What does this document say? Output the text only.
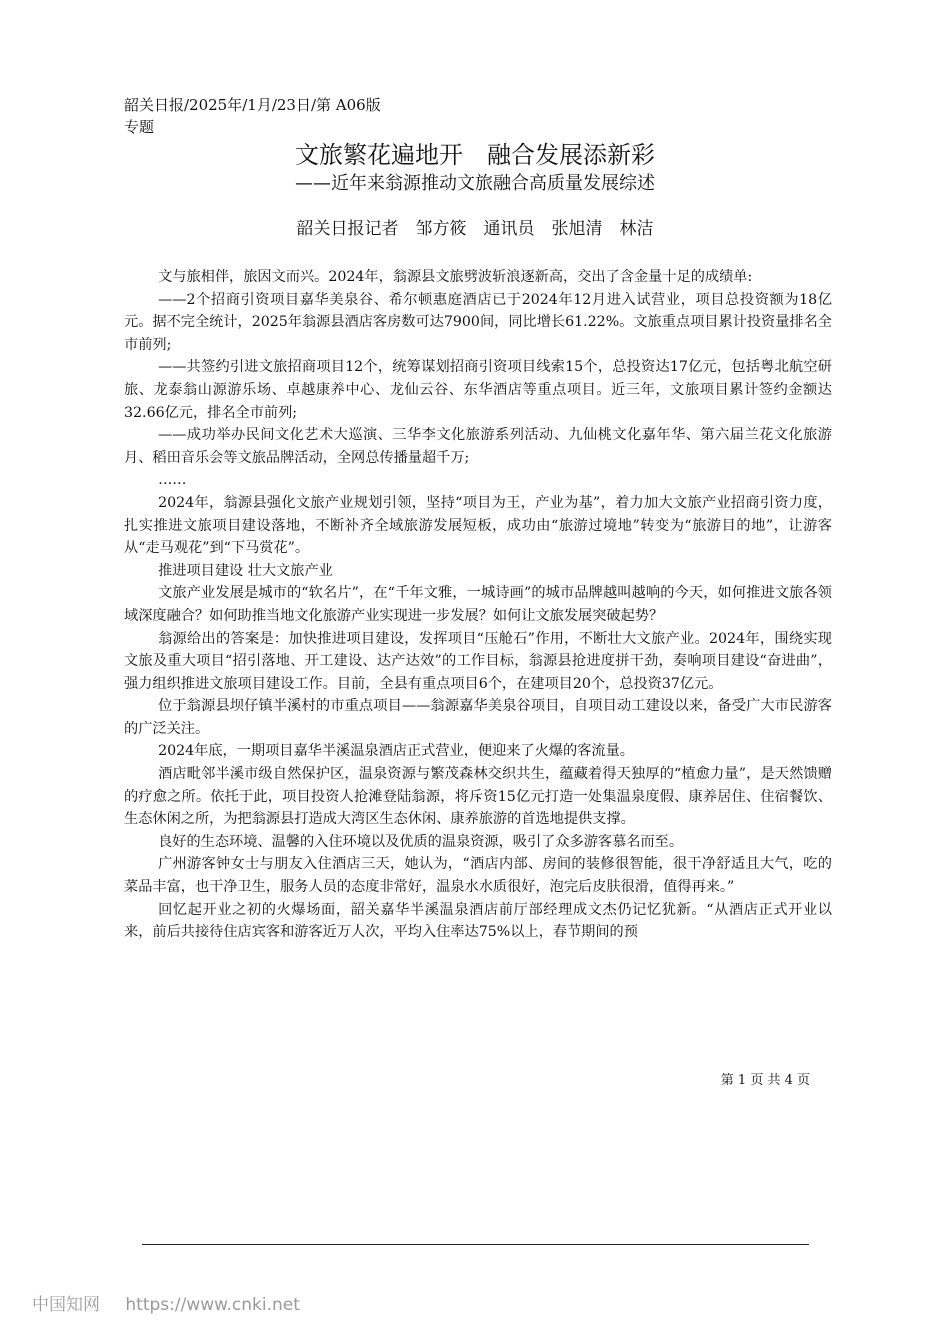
韶关日报/2025年/1月/23日/第 A06版专题
文旅繁花遍地开　融合发展添新彩
——近年来翁源推动文旅融合高质量发展综述
韶关日报记者　邹方筱　通讯员　张旭清　林洁

文与旅相伴，旅因文而兴。2024年，翁源县文旅劈波斩浪逐新高，交出了含金量十足的成绩单:

——2个招商引资项目嘉华美泉谷、希尔顿惠庭酒店已于2024年12月进入试营业，项目总投资额为18亿元。据不完全统计，2025年翁源县酒店客房数可达7900间，同比增长61.22%。文旅重点项目累计投资量排名全市前列;

——共签约引进文旅招商项目12个，统筹谋划招商引资项目线索15个，总投资达17亿元，包括粤北航空研旅、龙泰翁山源游乐场、卓越康养中心、龙仙云谷、东华酒店等重点项目。近三年，文旅项目累计签约金额达32.66亿元，排名全市前列;

——成功举办民间文化艺术大巡演、三华李文化旅游系列活动、九仙桃文化嘉年华、第六届兰花文化旅游月、稻田音乐会等文旅品牌活动，全网总传播量超千万;

……

2024年，翁源县强化文旅产业规划引领，坚持“项目为王，产业为基”，着力加大文旅产业招商引资力度，扎实推进文旅项目建设落地，不断补齐全域旅游发展短板，成功由“旅游过境地”转变为“旅游目的地”，让游客从“走马观花”到“下马赏花”。

推进项目建设 壮大文旅产业

文旅产业发展是城市的“软名片”，在“千年文雅，一城诗画”的城市品牌越叫越响的今天，如何推进文旅各领域深度融合？如何助推当地文化旅游产业实现进一步发展？如何让文旅发展突破起势？

翁源给出的答案是：加快推进项目建设，发挥项目“压舱石”作用，不断壮大文旅产业。2024年，围绕实现文旅及重大项目“招引落地、开工建设、达产达效”的工作目标，翁源县抢进度拼干劲，奏响项目建设“奋进曲”，强力组织推进文旅项目建设工作。目前，全县有重点项目6个，在建项目20个，总投资37亿元。

位于翁源县坝仔镇半溪村的市重点项目——翁源嘉华美泉谷项目，自项目动工建设以来，备受广大市民游客的广泛关注。

2024年底，一期项目嘉华半溪温泉酒店正式营业，便迎来了火爆的客流量。

酒店毗邻半溪市级自然保护区，温泉资源与繁茂森林交织共生，蕴藏着得天独厚的“植愈力量”，是天然馈赠的疗愈之所。依托于此，项目投资人抢滩登陆翁源，将斥资15亿元打造一处集温泉度假、康养居住、住宿餐饮、生态休闲之所，为把翁源县打造成大湾区生态休闲、康养旅游的首选地提供支撑。

良好的生态环境、温馨的入住环境以及优质的温泉资源，吸引了众多游客慕名而至。

广州游客钟女士与朋友入住酒店三天，她认为，“酒店内部、房间的装修很智能，很干净舒适且大气，吃的菜品丰富，也干净卫生，服务人员的态度非常好，温泉水水质很好，泡完后皮肤很滑，值得再来。”

回忆起开业之初的火爆场面，韶关嘉华半溪温泉酒店前厅部经理成文杰仍记忆犹新。“从酒店正式开业以来，前后共接待住店宾客和游客近万人次，平均入住率达75%以上，春节期间的预

第 1 页 共 4 页
中国知网 https://www.cnki.net
